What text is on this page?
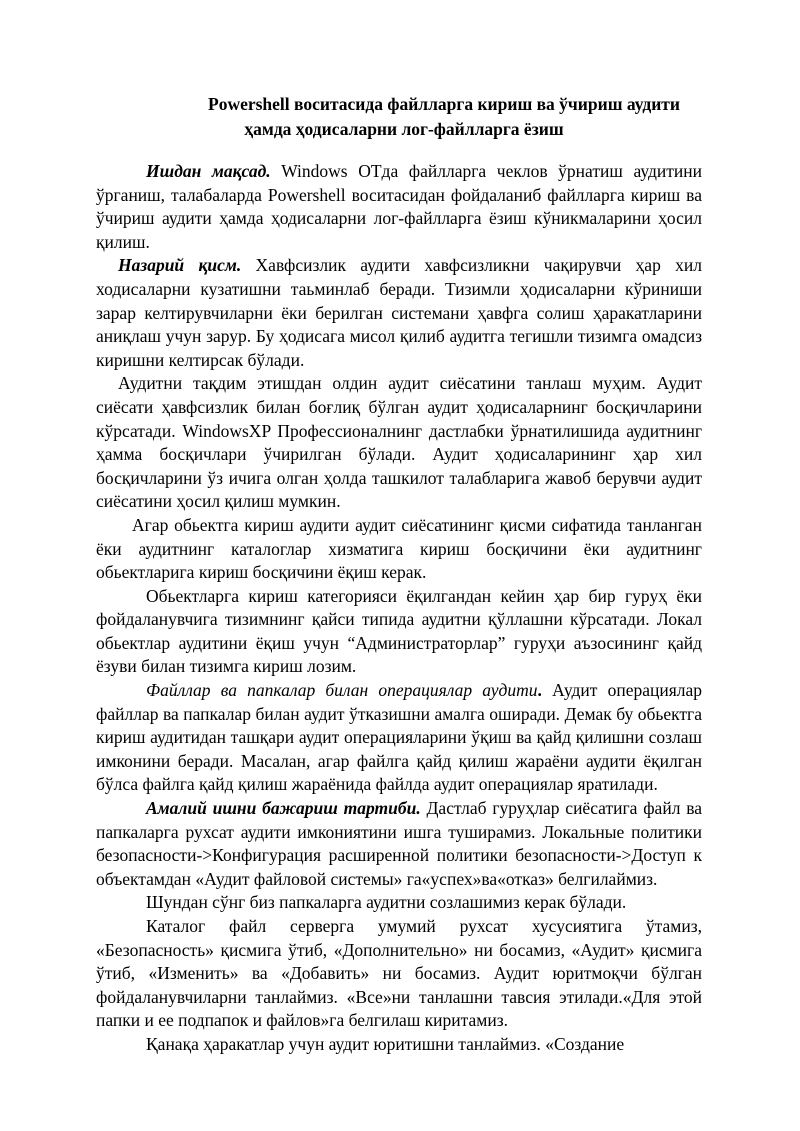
Powershell воситасида файлларга кириш ва ўчириш аудити
ҳамда ҳодисаларни лог-файлларга ёзиш

Ишдан мақсад. Windows ОТда файлларга чеклов ўрнатиш аудитини ўрганиш, талабаларда Powershell воситасидан фойдаланиб файлларга кириш ва ўчириш аудити ҳамда ҳодисаларни лог-файлларга ёзиш кўникмаларини ҳосил қилиш.

Назарий қисм. Хавфсизлик аудити хавфсизликни чақирувчи ҳар хил ходисаларни кузатишни таьминлаб беради. Тизимли ҳодисаларни кўриниши зарар келтирувчиларни ёки берилган системани ҳавфга солиш ҳаракатларини аниқлаш учун зарур. Бу ҳодисага мисол қилиб аудитга тегишли тизимга омадсиз киришни келтирсак бўлади.

Аудитни тақдим этишдан олдин аудит сиёсатини танлаш муҳим. Аудит сиёсати ҳавфсизлик билан боғлиқ бўлган аудит ҳодисаларнинг босқичларини кўрсатади. WindowsXP Профессионалнинг дастлабки ўрнатилишида аудитнинг ҳамма босқичлари ўчирилган бўлади. Аудит ҳодисаларининг ҳар хил босқичларини ўз ичига олган ҳолда ташкилот талабларига жавоб берувчи аудит сиёсатини ҳосил қилиш мумкин.

Агар обьектга кириш аудити аудит сиёсатининг қисми сифатида танланган ёки аудитнинг каталоглар хизматига кириш босқичини ёки аудитнинг обьектларига кириш босқичини ёқиш керак.

Обьектларга кириш категорияси ёқилгандан кейин ҳар бир гуруҳ ёки фойдаланувчига тизимнинг қайси типида аудитни қўллашни кўрсатади. Локал обьектлар аудитини ёқиш учун “Администраторлар” гуруҳи аъзосининг қайд ёзуви билан тизимга кириш лозим.

Файллар ва папкалар билан операциялар аудити. Аудит операциялар файллар ва папкалар билан аудит ўтказишни амалга оширади. Демак бу обьектга кириш аудитидан ташқари аудит операцияларини ўқиш ва қайд қилишни созлаш имконини беради. Масалан, агар файлга қайд қилиш жараёни аудити ёқилган бўлса файлга қайд қилиш жараёнида файлда аудит операциялар яратилади.

Амалий ишни бажариш тартиби. Дастлаб гуруҳлар сиёсатига файл ва папкаларга рухсат аудити имкониятини ишга туширамиз. Локальные политики безопасности->Конфигурация расширенной политики безопасности->Доступ к объектамдан «Аудит файловой системы» га«успех»ва«отказ» белгилаймиз.

Шундан сўнг биз папкаларга аудитни созлашимиз керак бўлади.

Каталог файл серверга умумий рухсат хусусиятига ўтамиз, «Безопасность» қисмига ўтиб, «Дополнительно» ни босамиз, «Аудит» қисмига ўтиб, «Изменить» ва «Добавить» ни босамиз. Аудит юритмоқчи бўлган фойдаланувчиларни танлаймиз. «Все»ни танлашни тавсия этилади.«Для этой папки и ее подпапок и файлов»га белгилаш киритамиз.

Қанақа ҳаракатлар учун аудит юритишни танлаймиз. «Создание
